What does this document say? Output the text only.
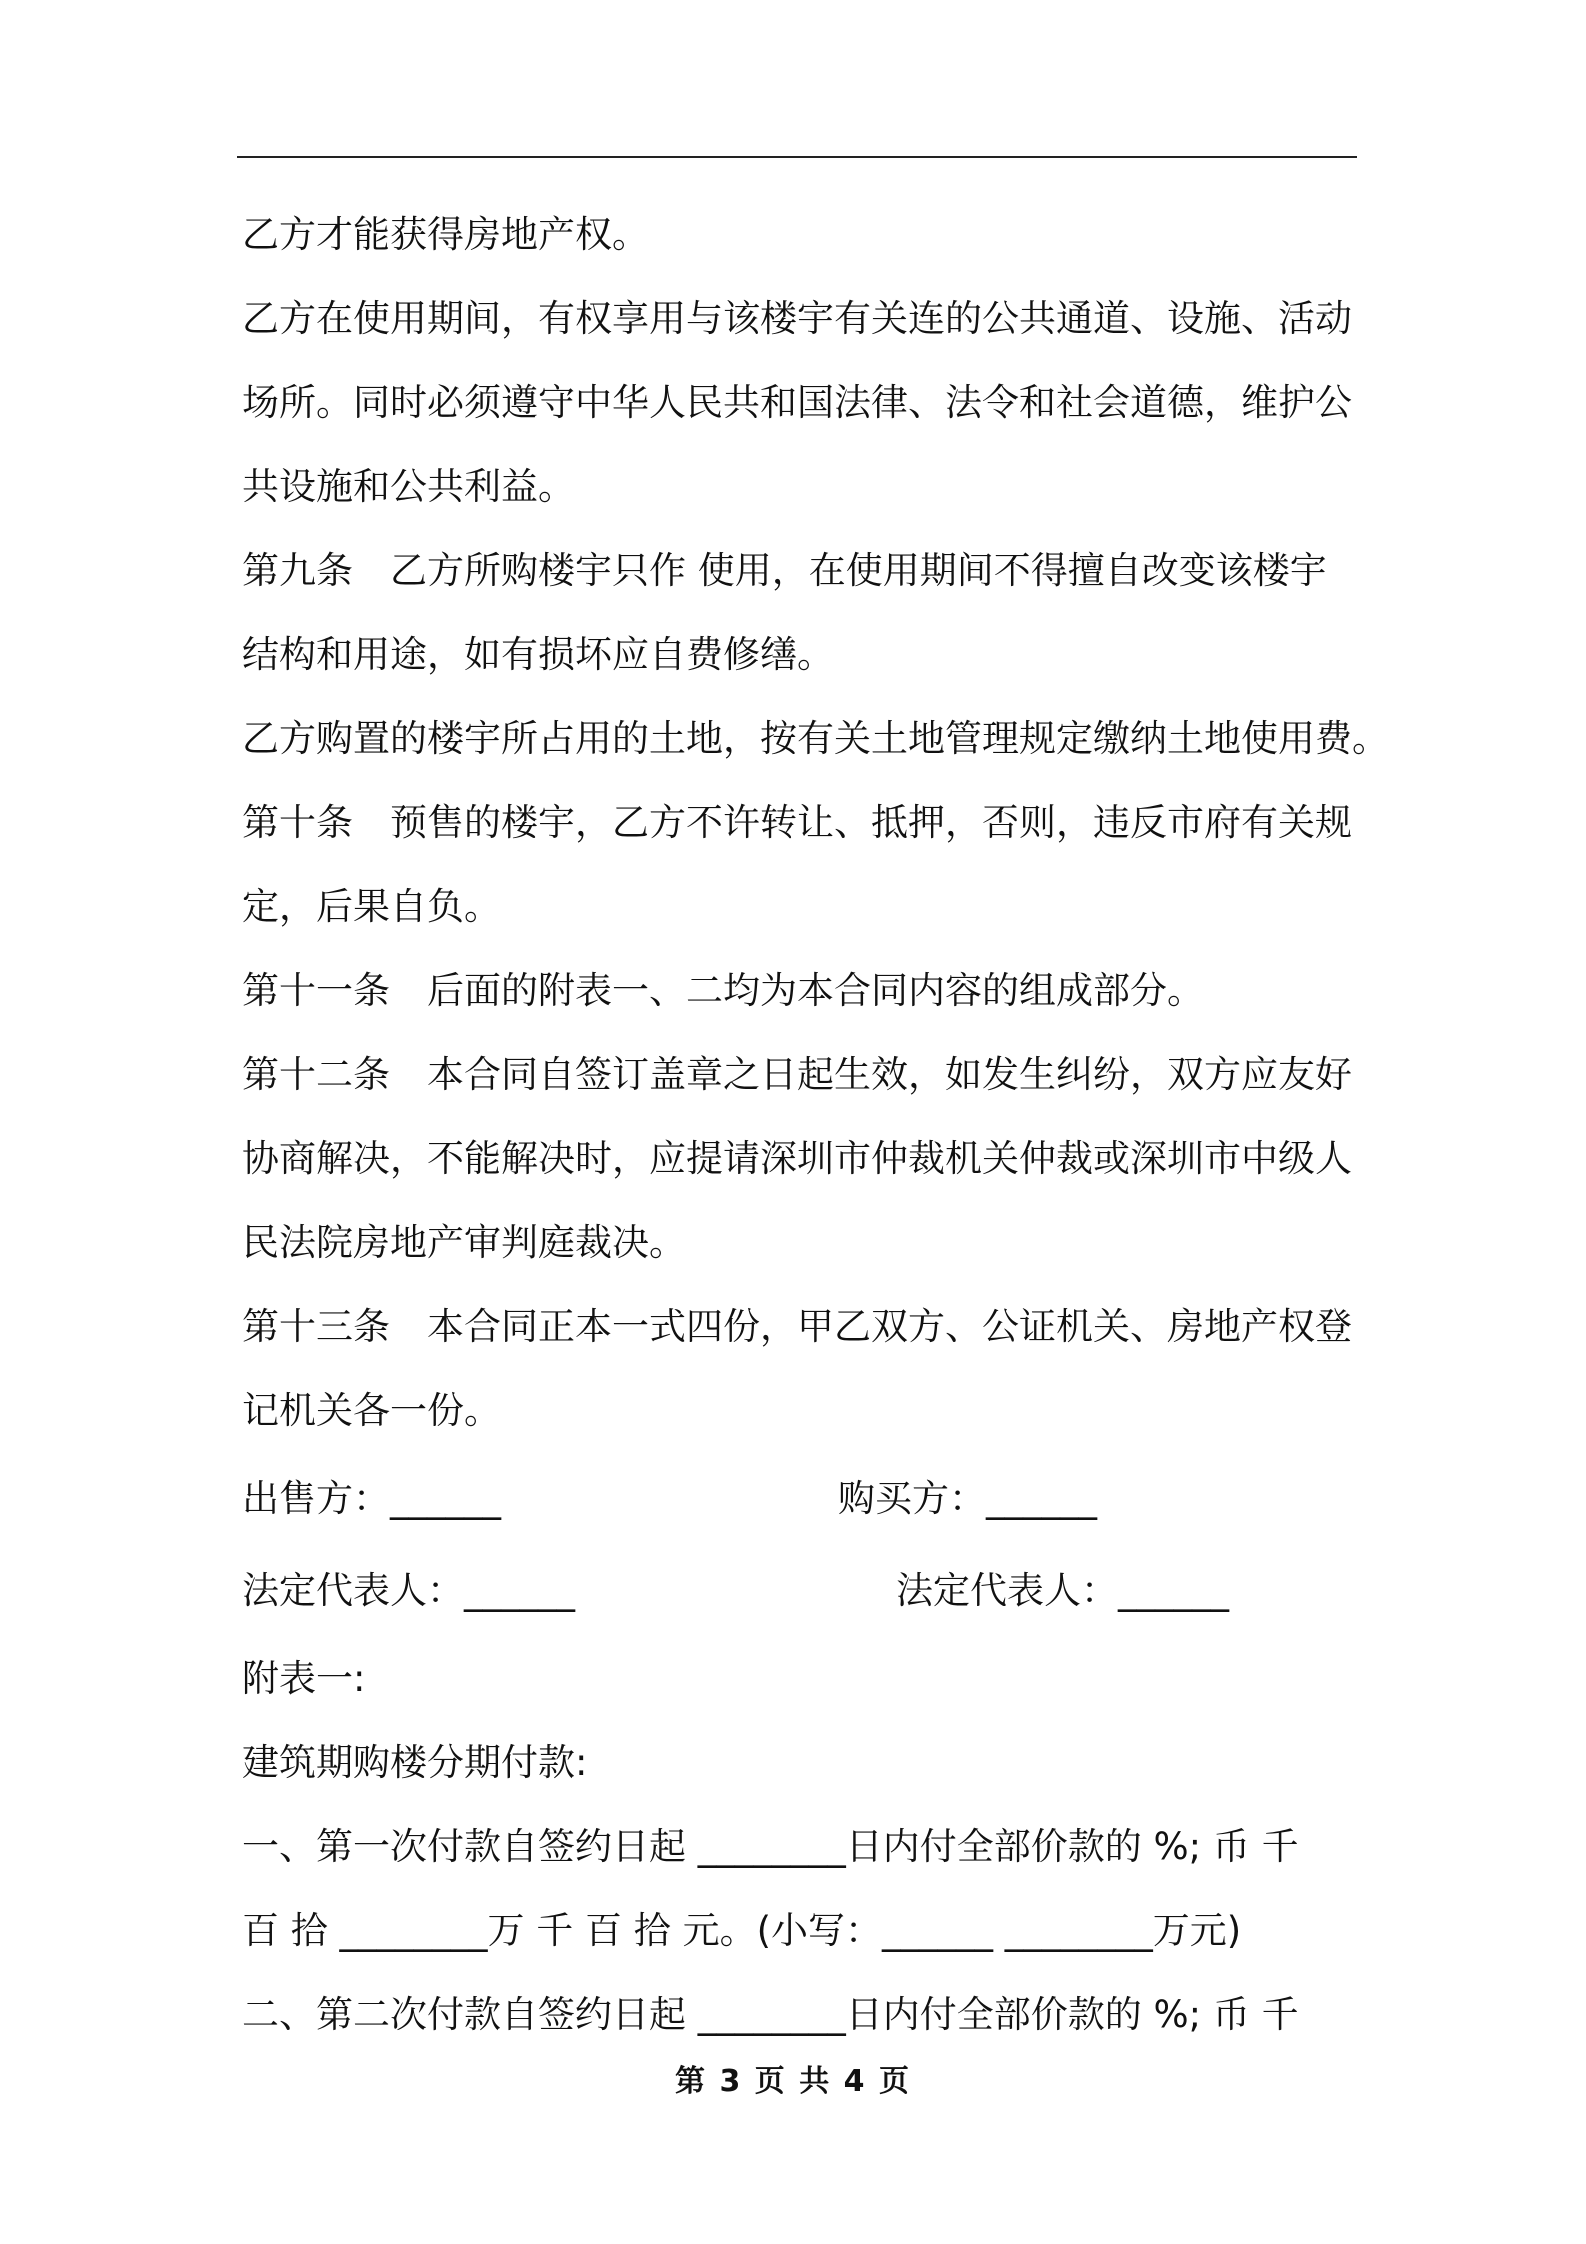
乙方才能获得房地产权。
乙方在使用期间，有权享用与该楼宇有关连的公共通道、设施、活动
场所。同时必须遵守中华人民共和国法律、法令和社会道德，维护公
共设施和公共利益。
第九条　乙方所购楼宇只作 使用，在使用期间不得擅自改变该楼宇
结构和用途，如有损坏应自费修缮。
乙方购置的楼宇所占用的土地，按有关土地管理规定缴纳土地使用费。
第十条　预售的楼宇，乙方不许转让、抵押，否则，违反市府有关规
定，后果自负。
第十一条　后面的附表一、二均为本合同内容的组成部分。
第十二条　本合同自签订盖章之日起生效，如发生纠纷，双方应友好
协商解决，不能解决时，应提请深圳市仲裁机关仲裁或深圳市中级人
民法院房地产审判庭裁决。
第十三条　本合同正本一式四份，甲乙双方、公证机关、房地产权登
记机关各一份。
出售方：______	购买方：______
法定代表人：______	法定代表人：______
附表一:
建筑期购楼分期付款:
一、第一次付款自签约日起 ________日内付全部价款的 %; 币 千
百 拾 ________万 千 百 拾 元。(小写：______ ________万元)
二、第二次付款自签约日起 ________日内付全部价款的 %; 币 千
第 3 页 共 4 页
